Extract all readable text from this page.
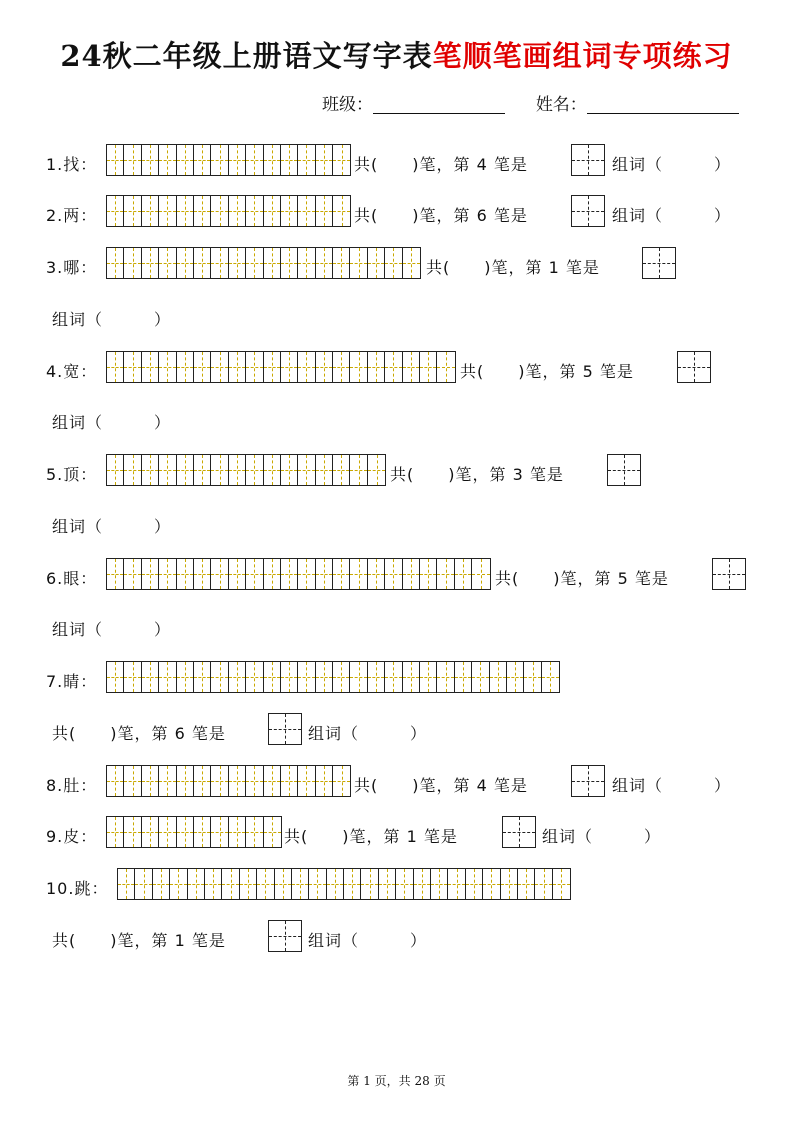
24秋二年级上册语文写字表笔顺笔画组词专项练习
班级：	姓名：
1.找：	共(　　)笔，第 4 笔是	组词（　　　）
2.两：	共(　　)笔，第 6 笔是	组词（　　　）
3.哪：	共(　　)笔，第 1 笔是
组词（　　　）
4.宽：	共(　　)笔，第 5 笔是
组词（　　　）
5.顶：	共(　　)笔，第 3 笔是
组词（　　　）
6.眼：	共(　　)笔，第 5 笔是
组词（　　　）
7.睛：
共(　　)笔，第 6 笔是	组词（　　　）
8.肚：	共(　　)笔，第 4 笔是	组词（　　　）
9.皮：	共(　　)笔，第 1 笔是	组词（　　　）
10.跳：
共(　　)笔，第 1 笔是	组词（　　　）
第 1 页，共 28 页
